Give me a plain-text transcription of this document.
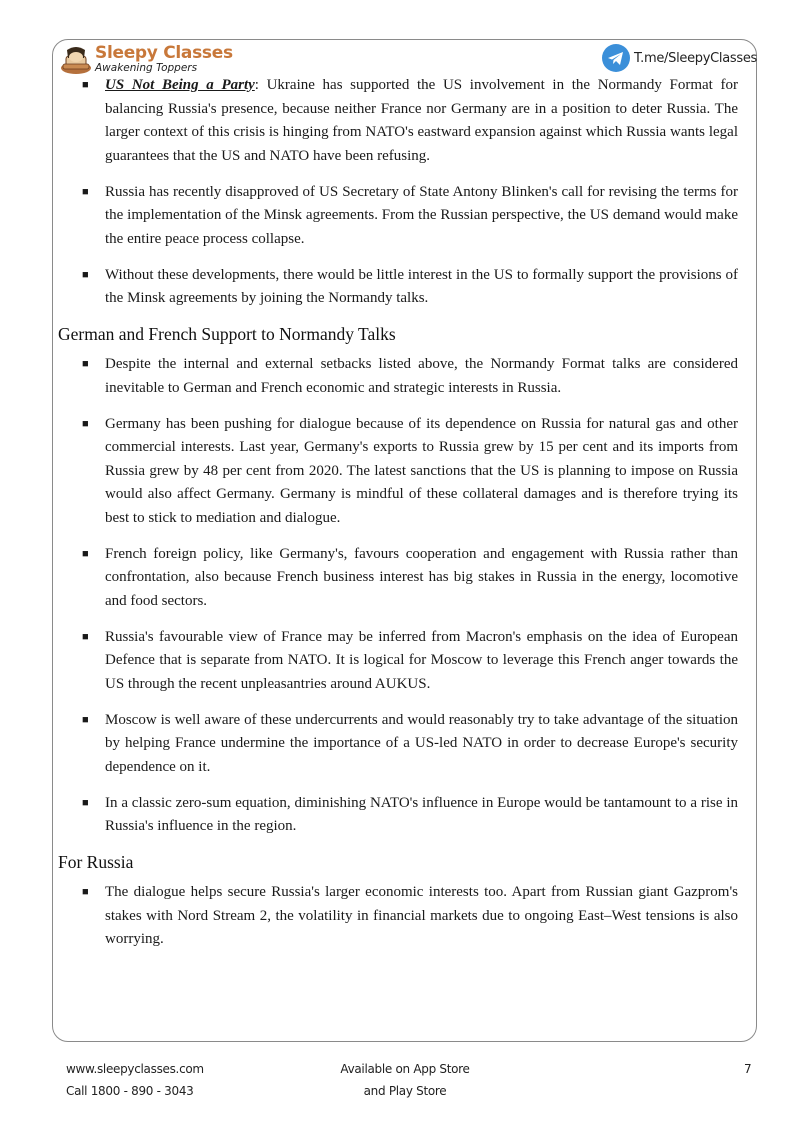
Sleepy Classes
Awakening Toppers
T.me/SleepyClasses
■ US Not Being a Party: Ukraine has supported the US involvement in the Normandy Format for balancing Russia's presence, because neither France nor Germany are in a position to deter Russia. The larger context of this crisis is hinging from NATO's eastward expansion against which Russia wants legal guarantees that the US and NATO have been refusing.
■ Russia has recently disapproved of US Secretary of State Antony Blinken's call for revising the terms for the implementation of the Minsk agreements. From the Russian perspective, the US demand would make the entire peace process collapse.
■ Without these developments, there would be little interest in the US to formally support the provisions of the Minsk agreements by joining the Normandy talks.
German and French Support to Normandy Talks
■ Despite the internal and external setbacks listed above, the Normandy Format talks are considered inevitable to German and French economic and strategic interests in Russia.
■ Germany has been pushing for dialogue because of its dependence on Russia for natural gas and other commercial interests. Last year, Germany's exports to Russia grew by 15 per cent and its imports from Russia grew by 48 per cent from 2020. The latest sanctions that the US is planning to impose on Russia would also affect Germany. Germany is mindful of these collateral damages and is therefore trying its best to stick to mediation and dialogue.
■ French foreign policy, like Germany's, favours cooperation and engagement with Russia rather than confrontation, also because French business interest has big stakes in Russia in the energy, locomotive and food sectors.
■ Russia's favourable view of France may be inferred from Macron's emphasis on the idea of European Defence that is separate from NATO. It is logical for Moscow to leverage this French anger towards the US through the recent unpleasantries around AUKUS.
■ Moscow is well aware of these undercurrents and would reasonably try to take advantage of the situation by helping France undermine the importance of a US-led NATO in order to decrease Europe's security dependence on it.
■ In a classic zero-sum equation, diminishing NATO's influence in Europe would be tantamount to a rise in Russia's influence in the region.
For Russia
■ The dialogue helps secure Russia's larger economic interests too. Apart from Russian giant Gazprom's stakes with Nord Stream 2, the volatility in financial markets due to ongoing East–West tensions is also worrying.
www.sleepyclasses.com
Call 1800 - 890 - 3043
Available on App Store
and Play Store
7
